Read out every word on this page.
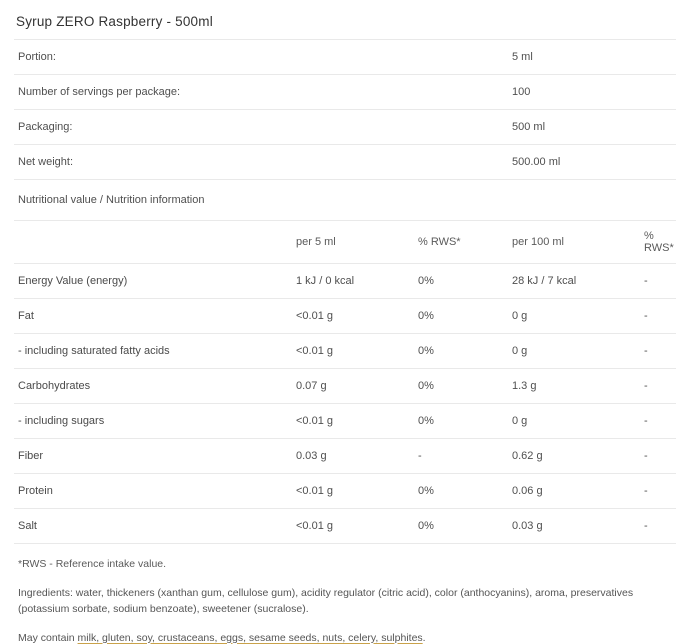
Syrup ZERO Raspberry - 500ml
Portion:	5 ml
Number of servings per package:	100
Packaging:	500 ml
Net weight:	500.00 ml
Nutritional value / Nutrition information
	per 5 ml	% RWS*	per 100 ml	% RWS*
Energy Value (energy)	1 kJ / 0 kcal	0%	28 kJ / 7 kcal	-
Fat	<0.01 g	0%	0 g	-
- including saturated fatty acids	<0.01 g	0%	0 g	-
Carbohydrates	0.07 g	0%	1.3 g	-
- including sugars	<0.01 g	0%	0 g	-
Fiber	0.03 g	-	0.62 g	-
Protein	<0.01 g	0%	0.06 g	-
Salt	<0.01 g	0%	0.03 g	-
*RWS - Reference intake value.
Ingredients: water, thickeners (xanthan gum, cellulose gum), acidity regulator (citric acid), color (anthocyanins), aroma, preservatives (potassium sorbate, sodium benzoate), sweetener (sucralose).
May contain milk, gluten, soy, crustaceans, eggs, sesame seeds, nuts, celery, sulphites.
